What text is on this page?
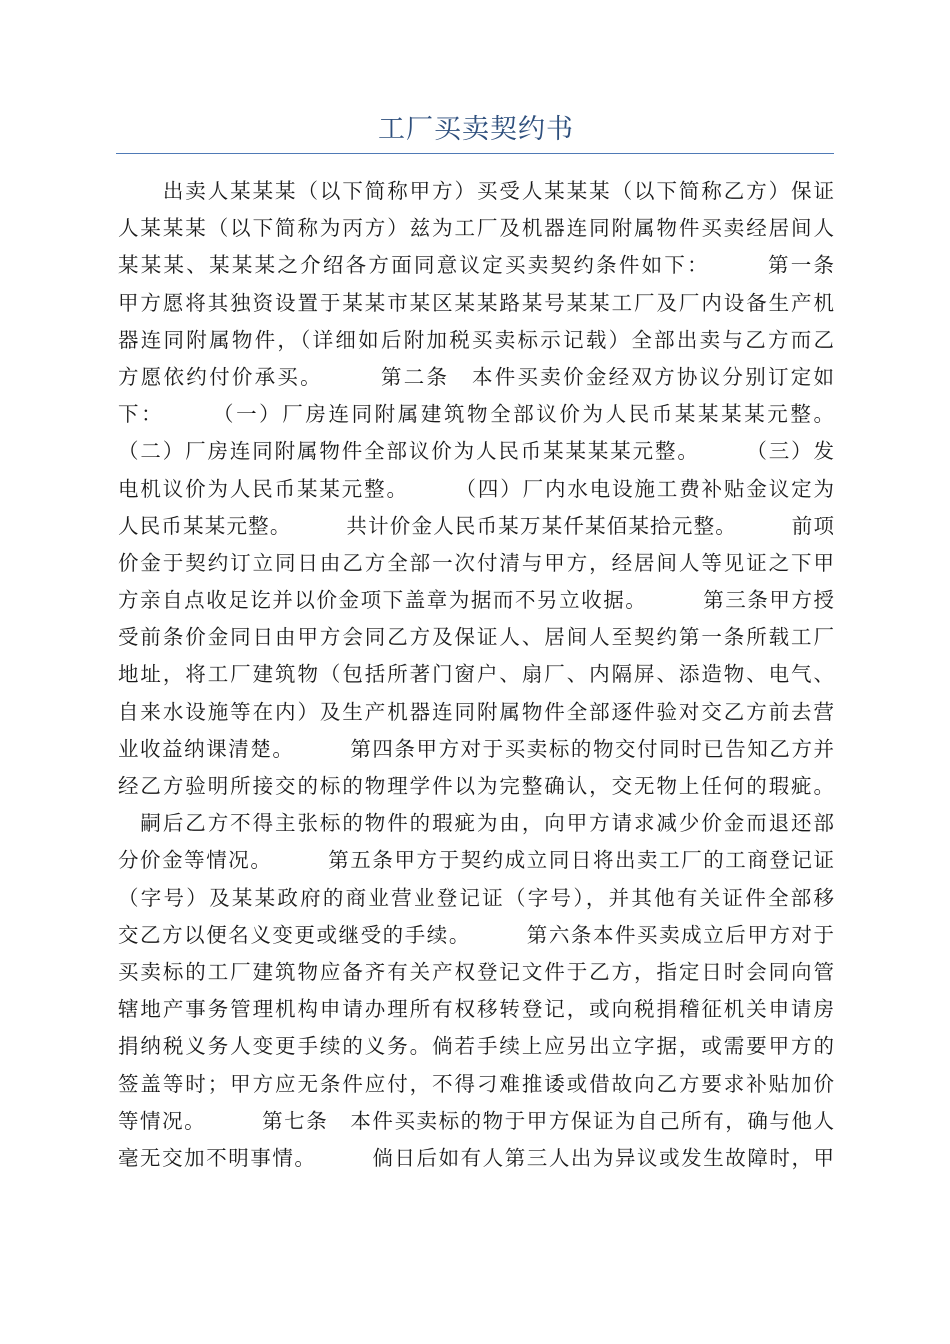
工厂买卖契约书
　　出卖人某某某（以下简称甲方）买受人某某某（以下简称乙方）保证
人某某某（以下简称为丙方）兹为工厂及机器连同附属物件买卖经居间人
某某某、某某某之介绍各方面同意议定买卖契约条件如下：　　　第一条
甲方愿将其独资设置于某某市某区某某路某号某某工厂及厂内设备生产机
器连同附属物件，（详细如后附加税买卖标示记载）全部出卖与乙方而乙
方愿依约付价承买。　　　第二条　本件买卖价金经双方协议分别订定如
下：　　　（一）厂房连同附属建筑物全部议价为人民币某某某某元整。
（二）厂房连同附属物件全部议价为人民币某某某某元整。　　　（三）发
电机议价为人民币某某元整。　　　（四）厂内水电设施工费补贴金议定为
人民币某某元整。　　　共计价金人民币某万某仟某佰某拾元整。　　　前项
价金于契约订立同日由乙方全部一次付清与甲方，经居间人等见证之下甲
方亲自点收足讫并以价金项下盖章为据而不另立收据。　　　第三条甲方授
受前条价金同日由甲方会同乙方及保证人、居间人至契约第一条所载工厂
地址，将工厂建筑物（包括所著门窗户、扇厂、内隔屏、添造物、电气、
自来水设施等在内）及生产机器连同附属物件全部逐件验对交乙方前去营
业收益纳课清楚。　　　第四条甲方对于买卖标的物交付同时已告知乙方并
经乙方验明所接交的标的物理学件以为完整确认，交无物上任何的瑕疵。
　嗣后乙方不得主张标的物件的瑕疵为由，向甲方请求减少价金而退还部
分价金等情况。　　　第五条甲方于契约成立同日将出卖工厂的工商登记证
（字号）及某某政府的商业营业登记证（字号），并其他有关证件全部移
交乙方以便名义变更或继受的手续。　　　第六条本件买卖成立后甲方对于
买卖标的工厂建筑物应备齐有关产权登记文件于乙方，指定日时会同向管
辖地产事务管理机构申请办理所有权移转登记，或向税捐稽征机关申请房
捐纳税义务人变更手续的义务。倘若手续上应另出立字据，或需要甲方的
签盖等时；甲方应无条件应付，不得刁难推诿或借故向乙方要求补贴加价
等情况。　　　第七条　本件买卖标的物于甲方保证为自己所有，确与他人
毫无交加不明事情。　　　倘日后如有人第三人出为异议或发生故障时，甲
